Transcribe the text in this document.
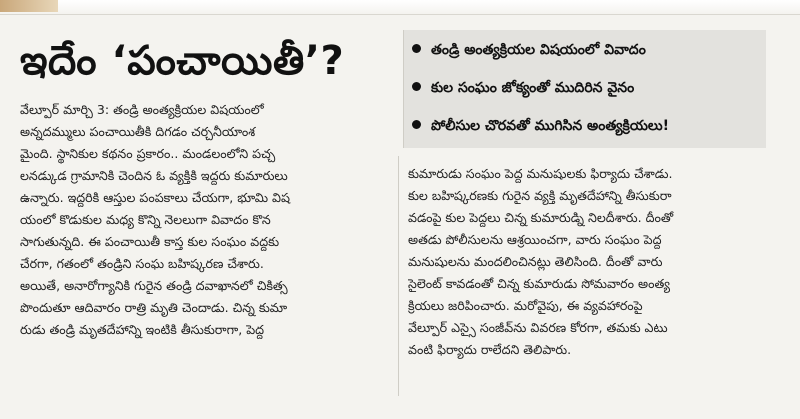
ఇదేం ‘పంచాయితీ’?	తండ్రి అంత్యక్రియల విషయంలో వివాదం
కుల సంఘం జోక్యంతో ముదిరిన వైనం
పోలీసుల చొరవతో ముగిసిన అంత్యక్రియలు!
వేల్పూర్ మార్చి 3: తండ్రి అంత్యక్రియల విషయంలో
అన్నదమ్ములు పంచాయితీకి దిగడం చర్చనీయాంశ
మైంది. స్థానికుల కథనం ప్రకారం.. మండలంలోని పచ్చ
లనడ్కుడ గ్రామానికి చెందిన ఓ వ్యక్తికి ఇద్దరు కుమారులు
ఉన్నారు. ఇద్దరికి ఆస్తుల పంపకాలు చేయగా, భూమి విష
యంలో కొడుకుల మధ్య కొన్ని నెలలుగా వివాదం కొన
సాగుతున్నది. ఈ పంచాయితీ కాస్త కుల సంఘం వద్దకు
చేరగా, గతంలో తండ్రిని సంఘ బహిష్కరణ చేశారు.
అయితే, అనారోగ్యానికి గురైన తండ్రి దవాఖానలో చికిత్స
పొందుతూ ఆదివారం రాత్రి మృతి చెందాడు. చిన్న కుమా
రుడు తండ్రి మృతదేహాన్ని ఇంటికి తీసుకురాగా, పెద్ద
కుమారుడు సంఘం పెద్ద మనుషులకు ఫిర్యాదు చేశాడు.
కుల బహిష్కరణకు గురైన వ్యక్తి మృతదేహాన్ని తీసుకురా
వడంపై కుల పెద్దలు చిన్న కుమారుడ్ని నిలదీశారు. దీంతో
అతడు పోలీసులను ఆశ్రయించగా, వారు సంఘం పెద్ద
మనుషులను మందలించినట్లు తెలిసింది. దీంతో వారు
సైలెంట్ కావడంతో చిన్న కుమారుడు సోమవారం అంత్య
క్రియలు జరిపించారు. మరోవైపు, ఈ వ్యవహారంపై
వేల్పూర్ ఎస్సై సంజీవ్‌ను వివరణ కోరగా, తమకు ఎటు
వంటి ఫిర్యాదు రాలేదని తెలిపారు.
